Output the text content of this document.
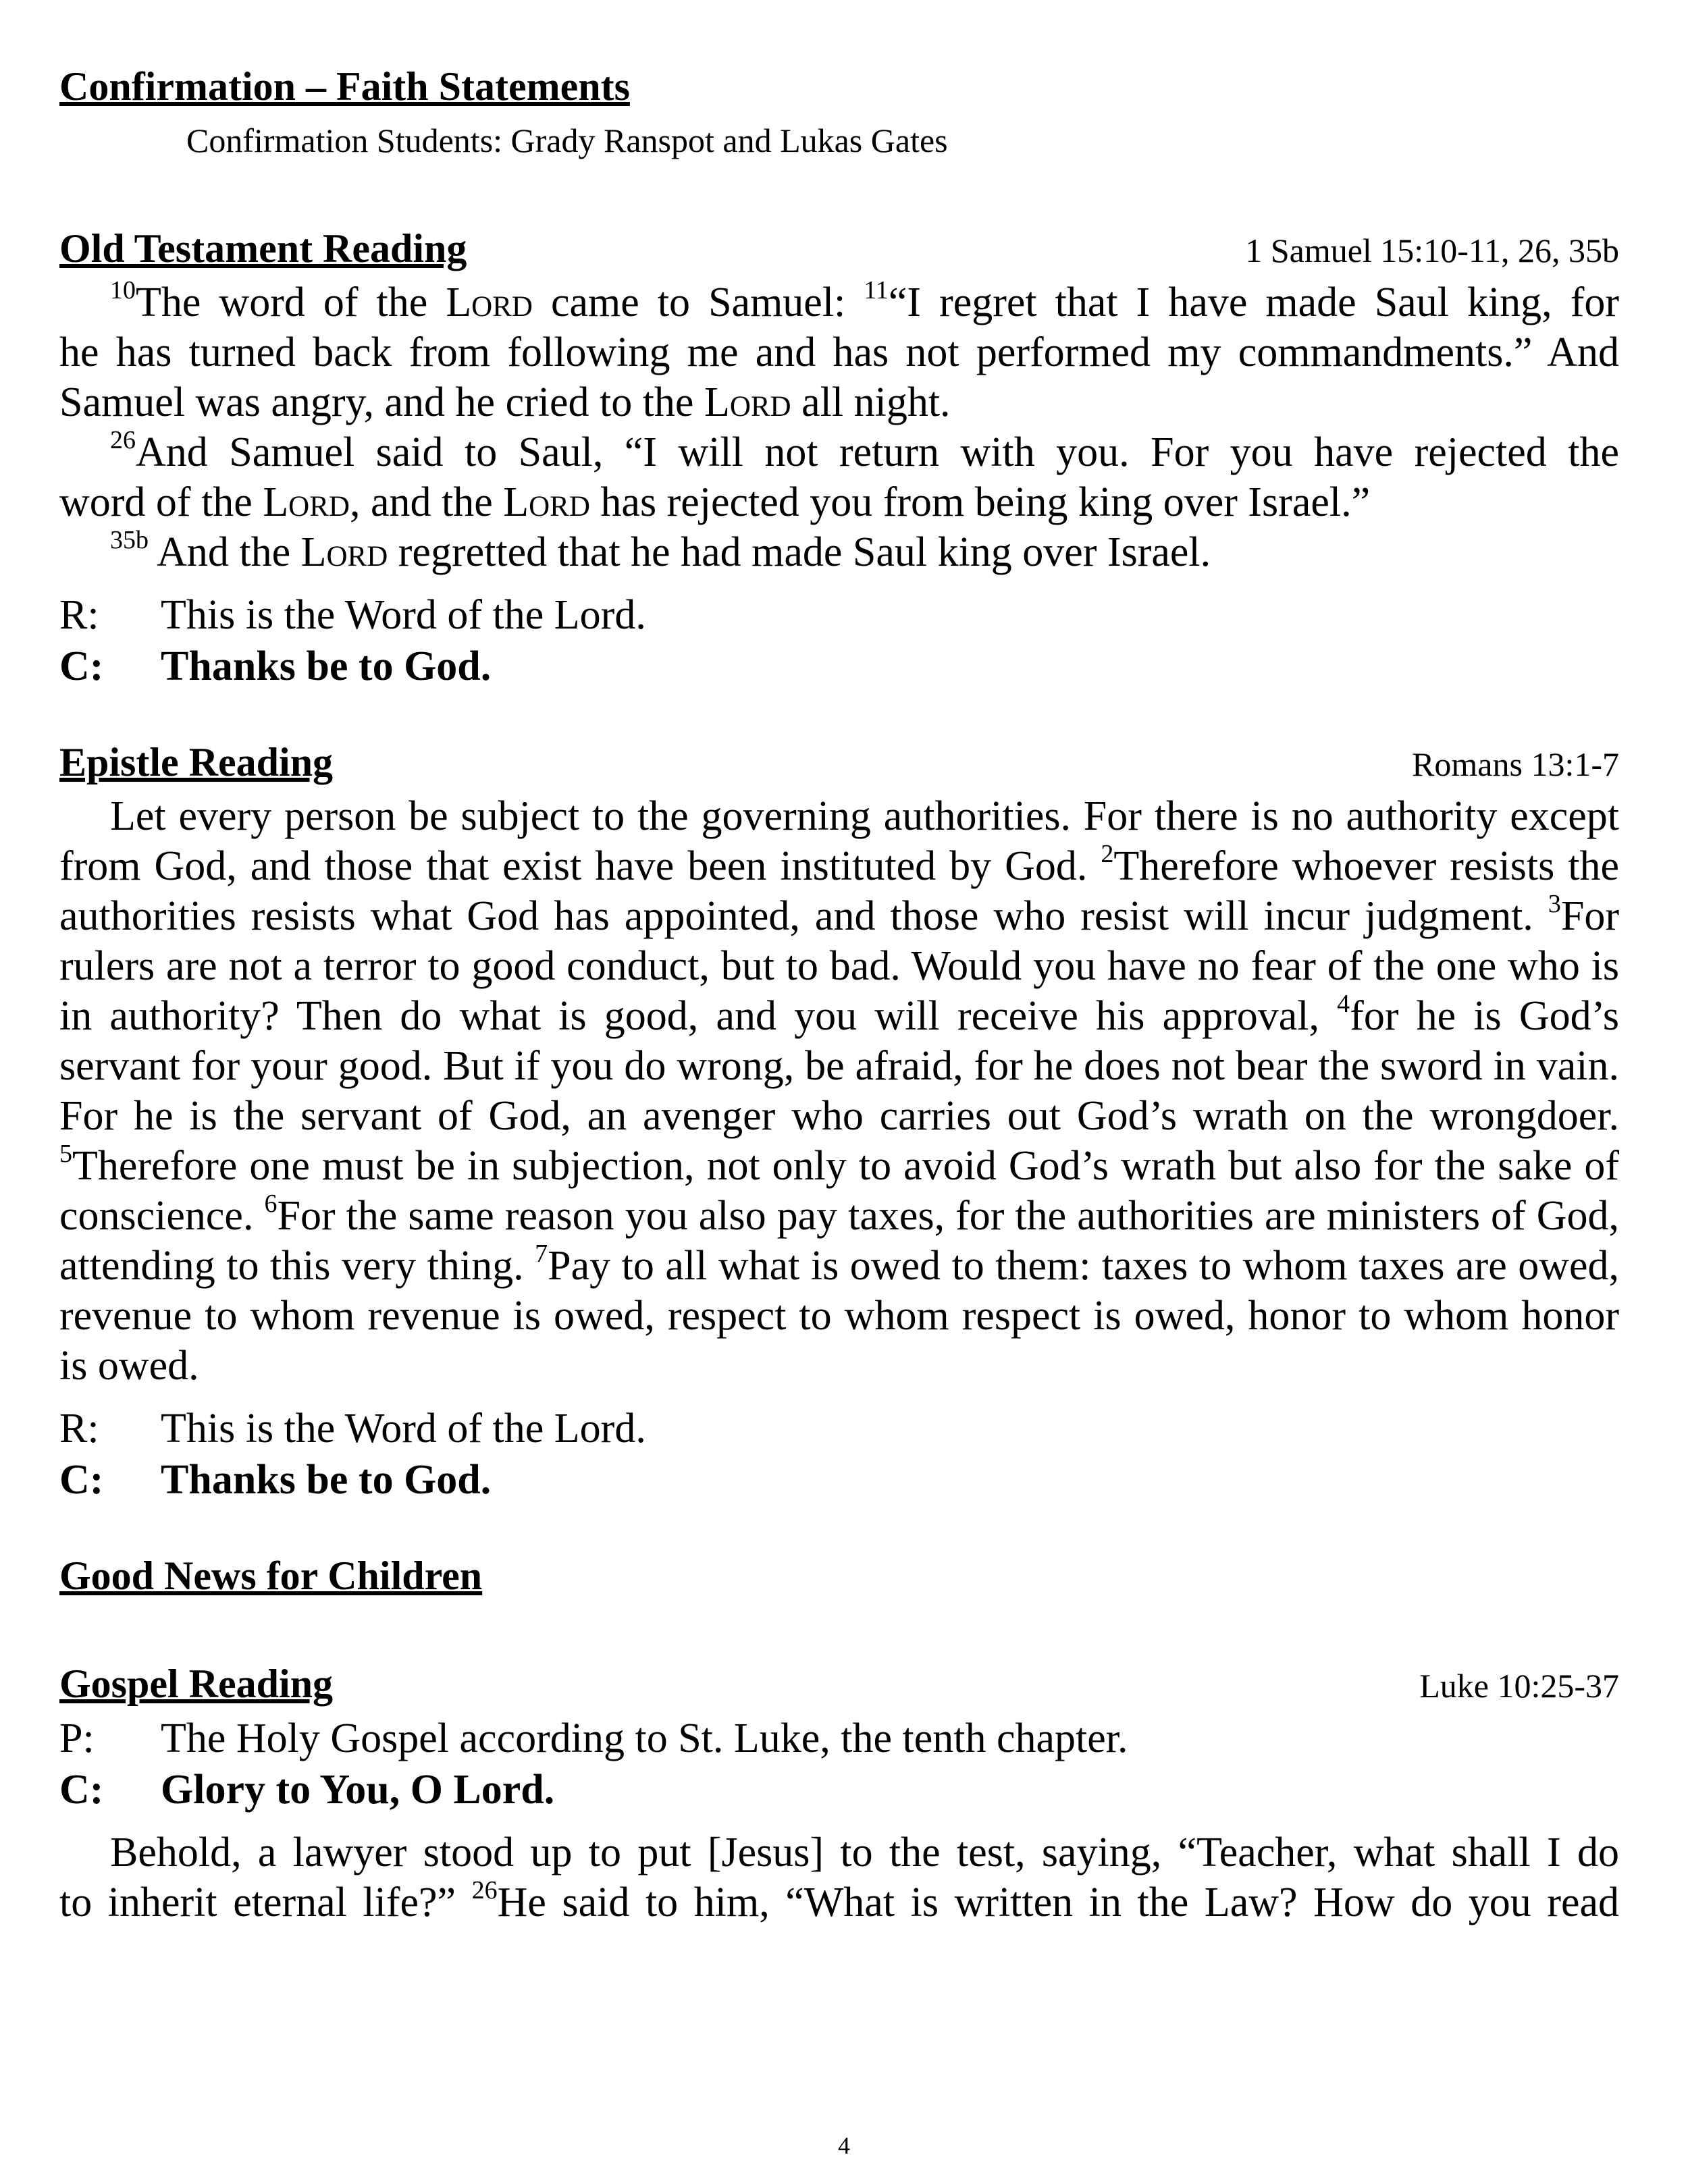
Confirmation – Faith Statements
Confirmation Students: Grady Ranspot and Lukas Gates
Old Testament Reading	1 Samuel 15:10-11, 26, 35b

$^{10}$The word of the Lord came to Samuel: $^{11}$“I regret that I have made Saul king, for

he has turned back from following me and has not performed my commandments.” And

Samuel was angry, and he cried to the Lord all night.

$^{26}$And Samuel said to Saul, “I will not return with you. For you have rejected the

word of the Lord, and the Lord has rejected you from being king over Israel.”

$^{35b}$ And the Lord regretted that he had made Saul king over Israel.

R:	This is the Word of the Lord.
C:	Thanks be to God.
Epistle Reading	Romans 13:1-7

Let every person be subject to the governing authorities. For there is no authority except from God, and those that exist have been instituted by God. $^2$Therefore whoever resists the authorities resists what God has appointed, and those who resist will incur judgment. $^3$For rulers are not a terror to good conduct, but to bad. Would you have no fear of the one who is in authority? Then do what is good, and you will receive his approval, $^4$for he is God’s servant for your good. But if you do wrong, be afraid, for he does not bear the sword in vain. For he is the servant of God, an avenger who carries out God’s wrath on the wrongdoer. $^5$Therefore one must be in subjection, not only to avoid God’s wrath but also for the sake of conscience. $^6$For the same reason you also pay taxes, for the authorities are ministers of God, attending to this very thing. $^7$Pay to all what is owed to them: taxes to whom taxes are owed, revenue to whom revenue is owed, respect to whom respect is owed, honor to whom honor is owed.

R:	This is the Word of the Lord.
C:	Thanks be to God.
Good News for Children
Gospel Reading	Luke 10:25-37
P:	The Holy Gospel according to St. Luke, the tenth chapter.
C:	Glory to You, O Lord.

Behold, a lawyer stood up to put [Jesus] to the test, saying, “Teacher, what shall I do

to inherit eternal life?” $^{26}$He said to him, “What is written in the Law? How do you read

4
